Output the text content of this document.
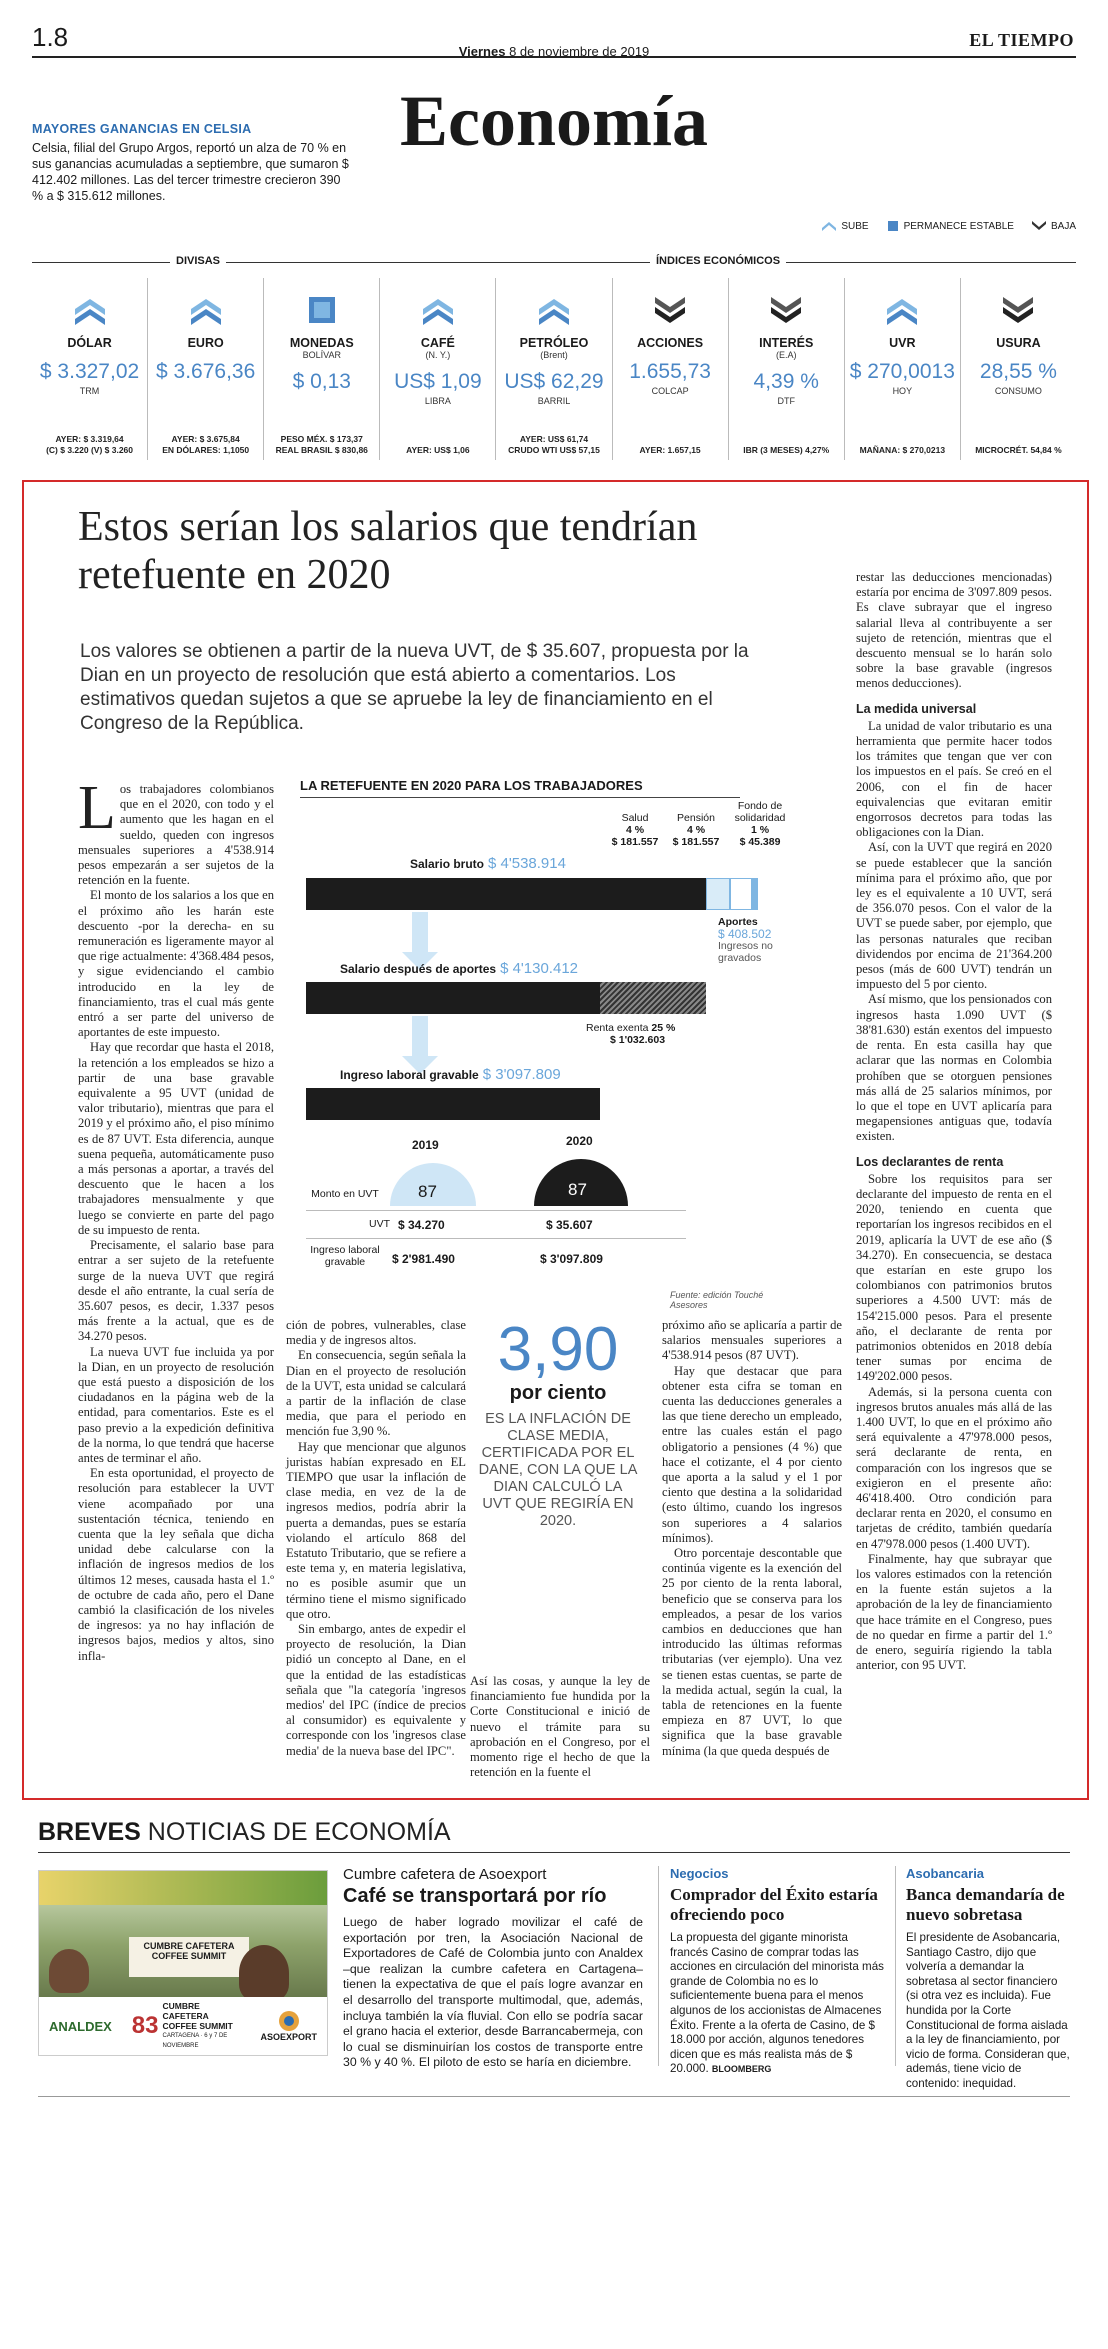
1.8	Viernes 8 de noviembre de 2019
EL TIEMPO
Economía
MAYORES GANANCIAS EN CELSIA
Celsia, filial del Grupo Argos, reportó un alza de 70 % en sus ganancias acumuladas a septiembre, que sumaron $ 412.402 millones. Las del tercer trimestre crecieron 390 % a $ 315.612 millones.
SUBE	PERMANECE ESTABLE	BAJA
DIVISAS	ÍNDICES ECONÓMICOS
DÓLAR
$ 3.327,02
TRM
AYER: $ 3.319,64
(C) $ 3.220 (V) $ 3.260
EURO
$ 3.676,36
AYER: $ 3.675,84
EN DÓLARES: 1,1050
MONEDAS
BOLÍVAR
$ 0,13
PESO MÉX. $ 173,37
REAL BRASIL $ 830,86
CAFÉ
(N. Y.)
US$ 1,09
LIBRA
AYER: US$ 1,06
PETRÓLEO
(Brent)
US$ 62,29
BARRIL
AYER: US$ 61,74
CRUDO WTI US$ 57,15
ACCIONES
1.655,73
COLCAP
AYER: 1.657,15
INTERÉS
(E.A)
4,39 %
DTF
IBR (3 MESES) 4,27%
UVR
$ 270,0013
HOY
MAÑANA: $ 270,0213
USURA
28,55 %
CONSUMO
MICROCRÉT. 54,84 %
Estos serían los salarios que tendrían retefuente en 2020
Los valores se obtienen a partir de la nueva UVT, de $ 35.607, propuesta por la Dian en un proyecto de resolución que está abierto a comentarios. Los estimativos quedan sujetos a que se apruebe la ley de financiamiento en el Congreso de la República.

Los trabajadores colombianos que en el 2020, con todo y el aumento que les hagan en el sueldo, queden con ingresos mensuales superiores a 4'538.914 pesos empezarán a ser sujetos de la retención en la fuente.

El monto de los salarios a los que en el próximo año les harán este descuento -por la derecha- en su remuneración es ligeramente mayor al que rige actualmente: 4'368.484 pesos, y sigue evidenciando el cambio introducido en la ley de financiamiento, tras el cual más gente entró a ser parte del universo de aportantes de este impuesto.

Hay que recordar que hasta el 2018, la retención a los empleados se hizo a partir de una base gravable equivalente a 95 UVT (unidad de valor tributario), mientras que para el 2019 y el próximo año, el piso mínimo es de 87 UVT. Esta diferencia, aunque suena pequeña, automáticamente puso a más personas a aportar, a través del descuento que le hacen a los trabajadores mensualmente y que luego se convierte en parte del pago de su impuesto de renta.

Precisamente, el salario base para entrar a ser sujeto de la retefuente surge de la nueva UVT que regirá desde el año entrante, la cual sería de 35.607 pesos, es decir, 1.337 pesos más frente a la actual, que es de 34.270 pesos.

La nueva UVT fue incluida ya por la Dian, en un proyecto de resolución que está puesto a disposición de los ciudadanos en la página web de la entidad, para comentarios. Este es el paso previo a la expedición definitiva de la norma, lo que tendrá que hacerse antes de terminar el año.

En esta oportunidad, el proyecto de resolución para establecer la UVT viene acompañado por una sustentación técnica, teniendo en cuenta que la ley señala que dicha unidad debe calcularse con la inflación de ingresos medios de los últimos 12 meses, causada hasta el 1.º de octubre de cada año, pero el Dane cambió la clasificación de los niveles de ingresos: ya no hay inflación de ingresos bajos, medios y altos, sino infla-

LA RETEFUENTE EN 2020 PARA LOS TRABAJADORES
Salud
4 %
$ 181.557
Pensión
4 %
$ 181.557
Fondo de solidaridad
1 %
$ 45.389
Salario bruto $ 4'538.914
Aportes
$ 408.502
Ingresos no gravados
Salario después de aportes $ 4'130.412
Renta exenta 25 %
$ 1'032.603
Ingreso laboral gravable $ 3'097.809
2019	2020
Monto en UVT	87	87
UVT $ 34.270	$ 35.607
Ingreso laboral gravable	$ 2'981.490	$ 3'097.809
Fuente: edición Touché Asesores

ción de pobres, vulnerables, clase media y de ingresos altos.

En consecuencia, según señala la Dian en el proyecto de resolución de la UVT, esta unidad se calculará a partir de la inflación de clase media, que para el periodo en mención fue 3,90 %.

Hay que mencionar que algunos juristas habían expresado en EL TIEMPO que usar la inflación de clase media, en vez de la de ingresos medios, podría abrir la puerta a demandas, pues se estaría violando el artículo 868 del Estatuto Tributario, que se refiere a este tema y, en materia legislativa, no es posible asumir que un término tiene el mismo significado que otro.

Sin embargo, antes de expedir el proyecto de resolución, la Dian pidió un concepto al Dane, en el que la entidad de las estadísticas señala que "la categoría 'ingresos medios' del IPC (índice de precios al consumidor) es equivalente y corresponde con los 'ingresos clase media' de la nueva base del IPC".

3,90
por ciento
ES LA INFLACIÓN DE CLASE MEDIA, CERTIFICADA POR EL DANE, CON LA QUE LA DIAN CALCULÓ LA UVT QUE REGIRÍA EN 2020.

Así las cosas, y aunque la ley de financiamiento fue hundida por la Corte Constitucional e inició de nuevo el trámite para su aprobación en el Congreso, por el momento rige el hecho de que la retención en la fuente el

próximo año se aplicaría a partir de salarios mensuales superiores a 4'538.914 pesos (87 UVT).

Hay que destacar que para obtener esta cifra se toman en cuenta las deducciones generales a las que tiene derecho un empleado, entre las cuales están el pago obligatorio a pensiones (4 %) que hace el cotizante, el 4 por ciento que aporta a la salud y el 1 por ciento que destina a la solidaridad (esto último, cuando los ingresos son superiores a 4 salarios mínimos).

Otro porcentaje descontable que continúa vigente es la exención del 25 por ciento de la renta laboral, beneficio que se conserva para los empleados, a pesar de los varios cambios en deducciones que han introducido las últimas reformas tributarias (ver ejemplo). Una vez se tienen estas cuentas, se parte de la medida actual, según la cual, la tabla de retenciones en la fuente empieza en 87 UVT, lo que significa que la base gravable mínima (la que queda después de

restar las deducciones mencionadas) estaría por encima de 3'097.809 pesos. Es clave subrayar que el ingreso salarial lleva al contribuyente a ser sujeto de retención, mientras que el descuento mensual se lo harán solo sobre la base gravable (ingresos menos deducciones).

La medida universal

La unidad de valor tributario es una herramienta que permite hacer todos los trámites que tengan que ver con los impuestos en el país. Se creó en el 2006, con el fin de hacer equivalencias que evitaran emitir engorrosos decretos para todas las obligaciones con la Dian.

Así, con la UVT que regirá en 2020 se puede establecer que la sanción mínima para el próximo año, que por ley es el equivalente a 10 UVT, será de 356.070 pesos. Con el valor de la UVT se puede saber, por ejemplo, que las personas naturales que reciban dividendos por encima de 21'364.200 pesos (más de 600 UVT) tendrán un impuesto del 5 por ciento.

Así mismo, que los pensionados con ingresos hasta 1.090 UVT ($ 38'81.630) están exentos del impuesto de renta. En esta casilla hay que aclarar que las normas en Colombia prohíben que se otorguen pensiones más allá de 25 salarios mínimos, por lo que el tope en UVT aplicaría para megapensiones antiguas que, todavía existen.

Los declarantes de renta

Sobre los requisitos para ser declarante del impuesto de renta en el 2020, teniendo en cuenta que reportarían los ingresos recibidos en el 2019, aplicaría la UVT de ese año ($ 34.270). En consecuencia, se destaca que estarían en este grupo los colombianos con patrimonios brutos superiores a 4.500 UVT: más de 154'215.000 pesos. Para el presente año, el declarante de renta por patrimonios obtenidos en 2018 debía tener sumas por encima de 149'202.000 pesos.

Además, si la persona cuenta con ingresos brutos anuales más allá de las 1.400 UVT, lo que en el próximo año será equivalente a 47'978.000 pesos, será declarante de renta, en comparación con los ingresos que se exigieron en el presente año: 46'418.400. Otro condición para declarar renta en 2020, el consumo en tarjetas de crédito, también quedaría en 47'978.000 pesos (1.400 UVT).

Finalmente, hay que subrayar que los valores estimados con la retención en la fuente están sujetos a la aprobación de la ley de financiamiento que hace trámite en el Congreso, pues de no quedar en firme a partir del 1.º de enero, seguiría rigiendo la tabla anterior, con 95 UVT.

BREVES NOTICIAS DE ECONOMÍA
CUMBRE CAFETERA COFFEE SUMMIT
ANALDEX 83
CUMBRE CAFETERA COFFEE SUMMIT
CARTAGENA · 6 y 7 DE NOVIEMBRE
ASOEXPORT
Cumbre cafetera de Asoexport
Café se transportará por río
Luego de haber logrado movilizar el café de exportación por tren, la Asociación Nacional de Exportadores de Café de Colombia junto con Analdex –que realizan la cumbre cafetera en Cartagena– tienen la expectativa de que el país logre avanzar en el desarrollo del transporte multimodal, que, además, incluya también la vía fluvial. Con ello se podría sacar el grano hacia el exterior, desde Barrancabermeja, con lo cual se disminuirían los costos de transporte entre 30 % y 40 %. El piloto de esto se haría en diciembre.
Negocios
Comprador del Éxito estaría ofreciendo poco
La propuesta del gigante minorista francés Casino de comprar todas las acciones en circulación del minorista más grande de Colombia no es lo suficientemente buena para el menos algunos de los accionistas de Almacenes Éxito. Frente a la oferta de Casino, de $ 18.000 por acción, algunos tenedores dicen que es más realista más de $ 20.000. BLOOMBERG
Asobancaria
Banca demandaría de nuevo sobretasa
El presidente de Asobancaria, Santiago Castro, dijo que volvería a demandar la sobretasa al sector financiero (si otra vez es incluida). Fue hundida por la Corte Constitucional de forma aislada a la ley de financiamiento, por vicio de forma. Consideran que, además, tiene vicio de contenido: inequidad.
